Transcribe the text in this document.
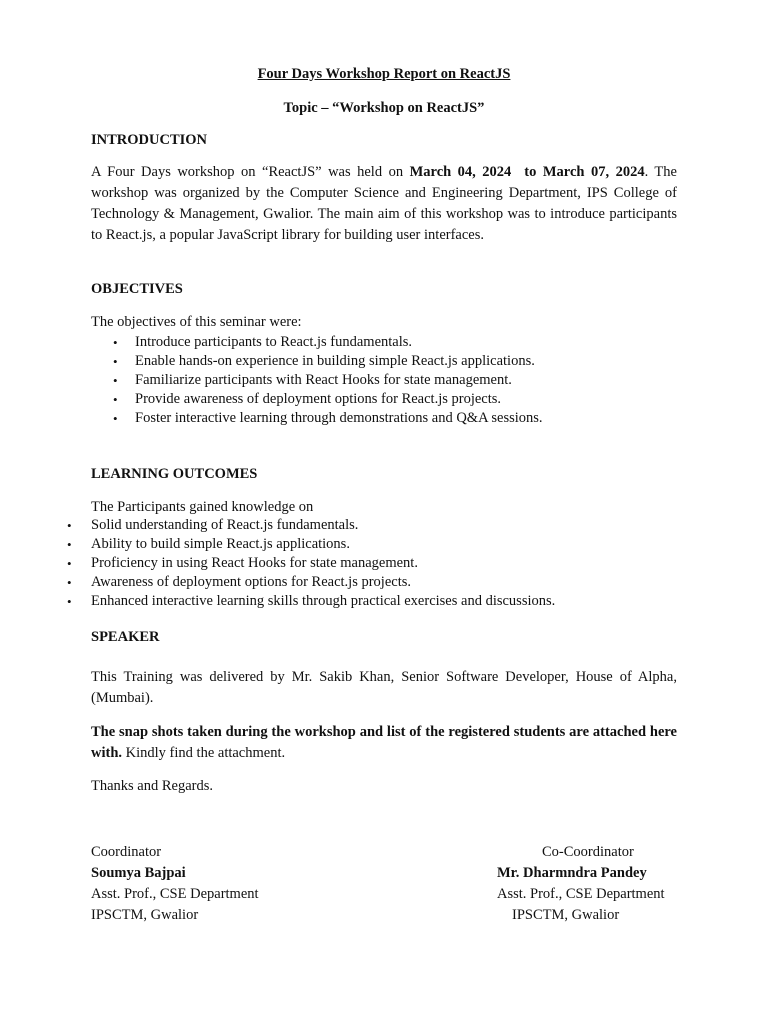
Four Days Workshop Report on ReactJS
Topic – “Workshop on ReactJS”
INTRODUCTION
A Four Days workshop on “ReactJS” was held on March 04, 2024  to March 07, 2024. The workshop was organized by the Computer Science and Engineering Department, IPS College of Technology & Management, Gwalior. The main aim of this workshop was to introduce participants to React.js, a popular JavaScript library for building user interfaces.
OBJECTIVES
The objectives of this seminar were:
• Introduce participants to React.js fundamentals.
• Enable hands-on experience in building simple React.js applications.
• Familiarize participants with React Hooks for state management.
• Provide awareness of deployment options for React.js projects.
• Foster interactive learning through demonstrations and Q&A sessions.
LEARNING OUTCOMES
The Participants gained knowledge on
• Solid understanding of React.js fundamentals.
• Ability to build simple React.js applications.
• Proficiency in using React Hooks for state management.
• Awareness of deployment options for React.js projects.
• Enhanced interactive learning skills through practical exercises and discussions.
SPEAKER
This Training was delivered by Mr. Sakib Khan, Senior Software Developer, House of Alpha, (Mumbai).
The snap shots taken during the workshop and list of the registered students are attached here with. Kindly find the attachment.
Thanks and Regards.
Coordinator
Soumya Bajpai
Asst. Prof., CSE Department
IPSCTM, Gwalior
Co-Coordinator
Mr. Dharmndra Pandey
Asst. Prof., CSE Department
IPSCTM, Gwalior
